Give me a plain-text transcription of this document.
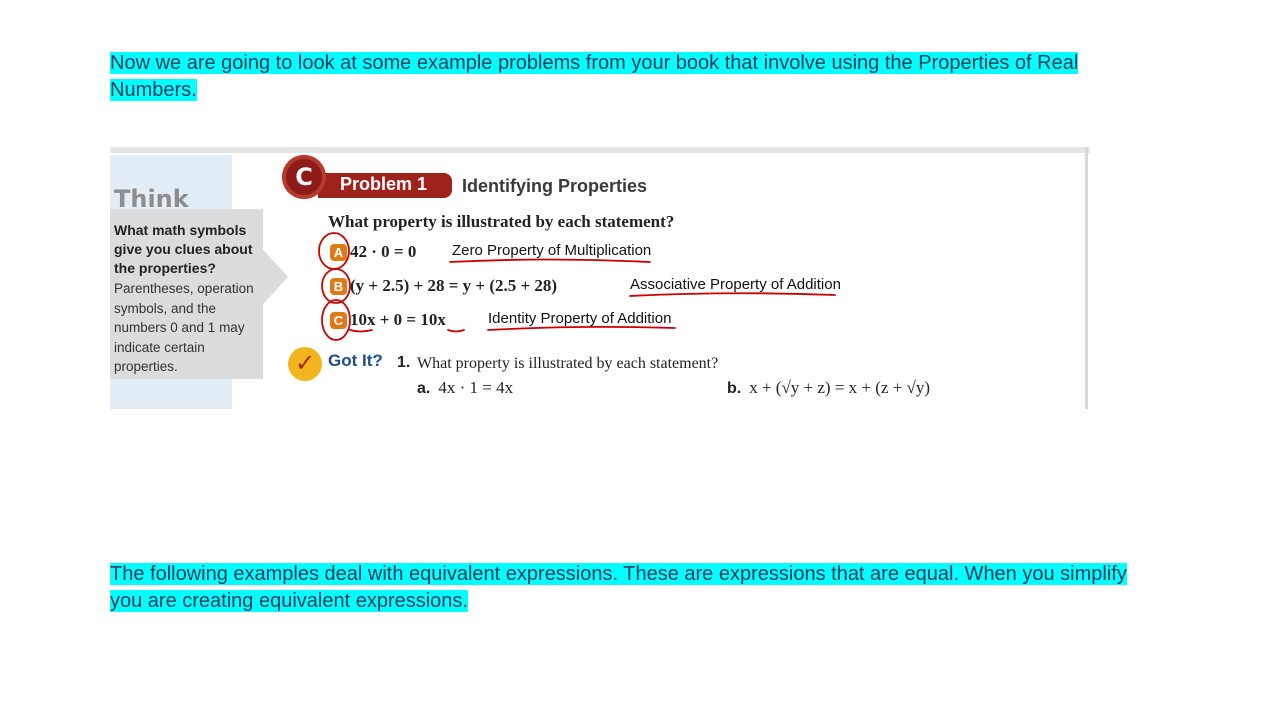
Now we are going to look at some example problems from your book that involve using the Properties of Real Numbers.
Think
What math symbols give you clues about the properties?
Parentheses, operation symbols, and the numbers 0 and 1 may indicate certain properties.
C	Problem 1 Identifying Properties
What property is illustrated by each statement?
A 42 · 0 = 0 Zero Property of Multiplication
B (y + 2.5) + 28 = y + (2.5 + 28)	Associative Property of Addition
C 10x + 0 = 10x	Identity Property of Addition
✓ Got It? 1. What property is illustrated by each statement?
a. 4x · 1 = 4x	b. x + (√y + z) = x + (z + √y)
The following examples deal with equivalent expressions. These are expressions that are equal. When you simplify you are creating equivalent expressions.
